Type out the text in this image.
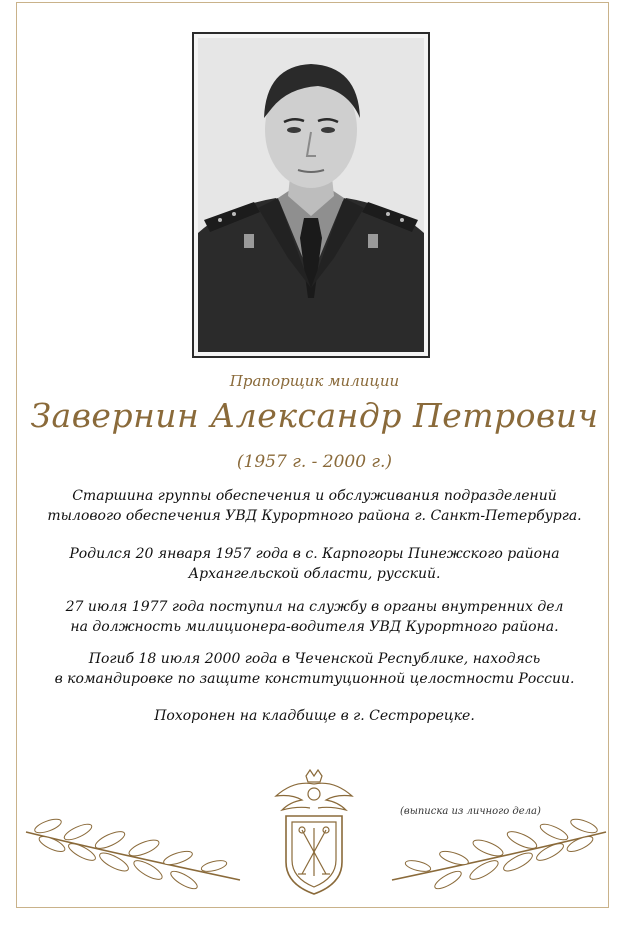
Прапорщик милиции
Завернин Александр Петрович
(1957 г. - 2000 г.)
Старшина группы обеспечения и обслуживания подразделений
тылового обеспечения УВД Курортного района г. Санкт-Петербурга.
Родился 20 января 1957 года в с. Карпогоры Пинежского района
Архангельской области, русский.
27 июля 1977 года поступил на службу в органы внутренних дел
на должность милиционера-водителя УВД Курортного района.
Погиб 18 июля 2000 года в Чеченской Республике, находясь
в командировке по защите конституционной целостности России.
Похоронен на кладбище в г. Сестрорецке.
(выписка из личного дела)
